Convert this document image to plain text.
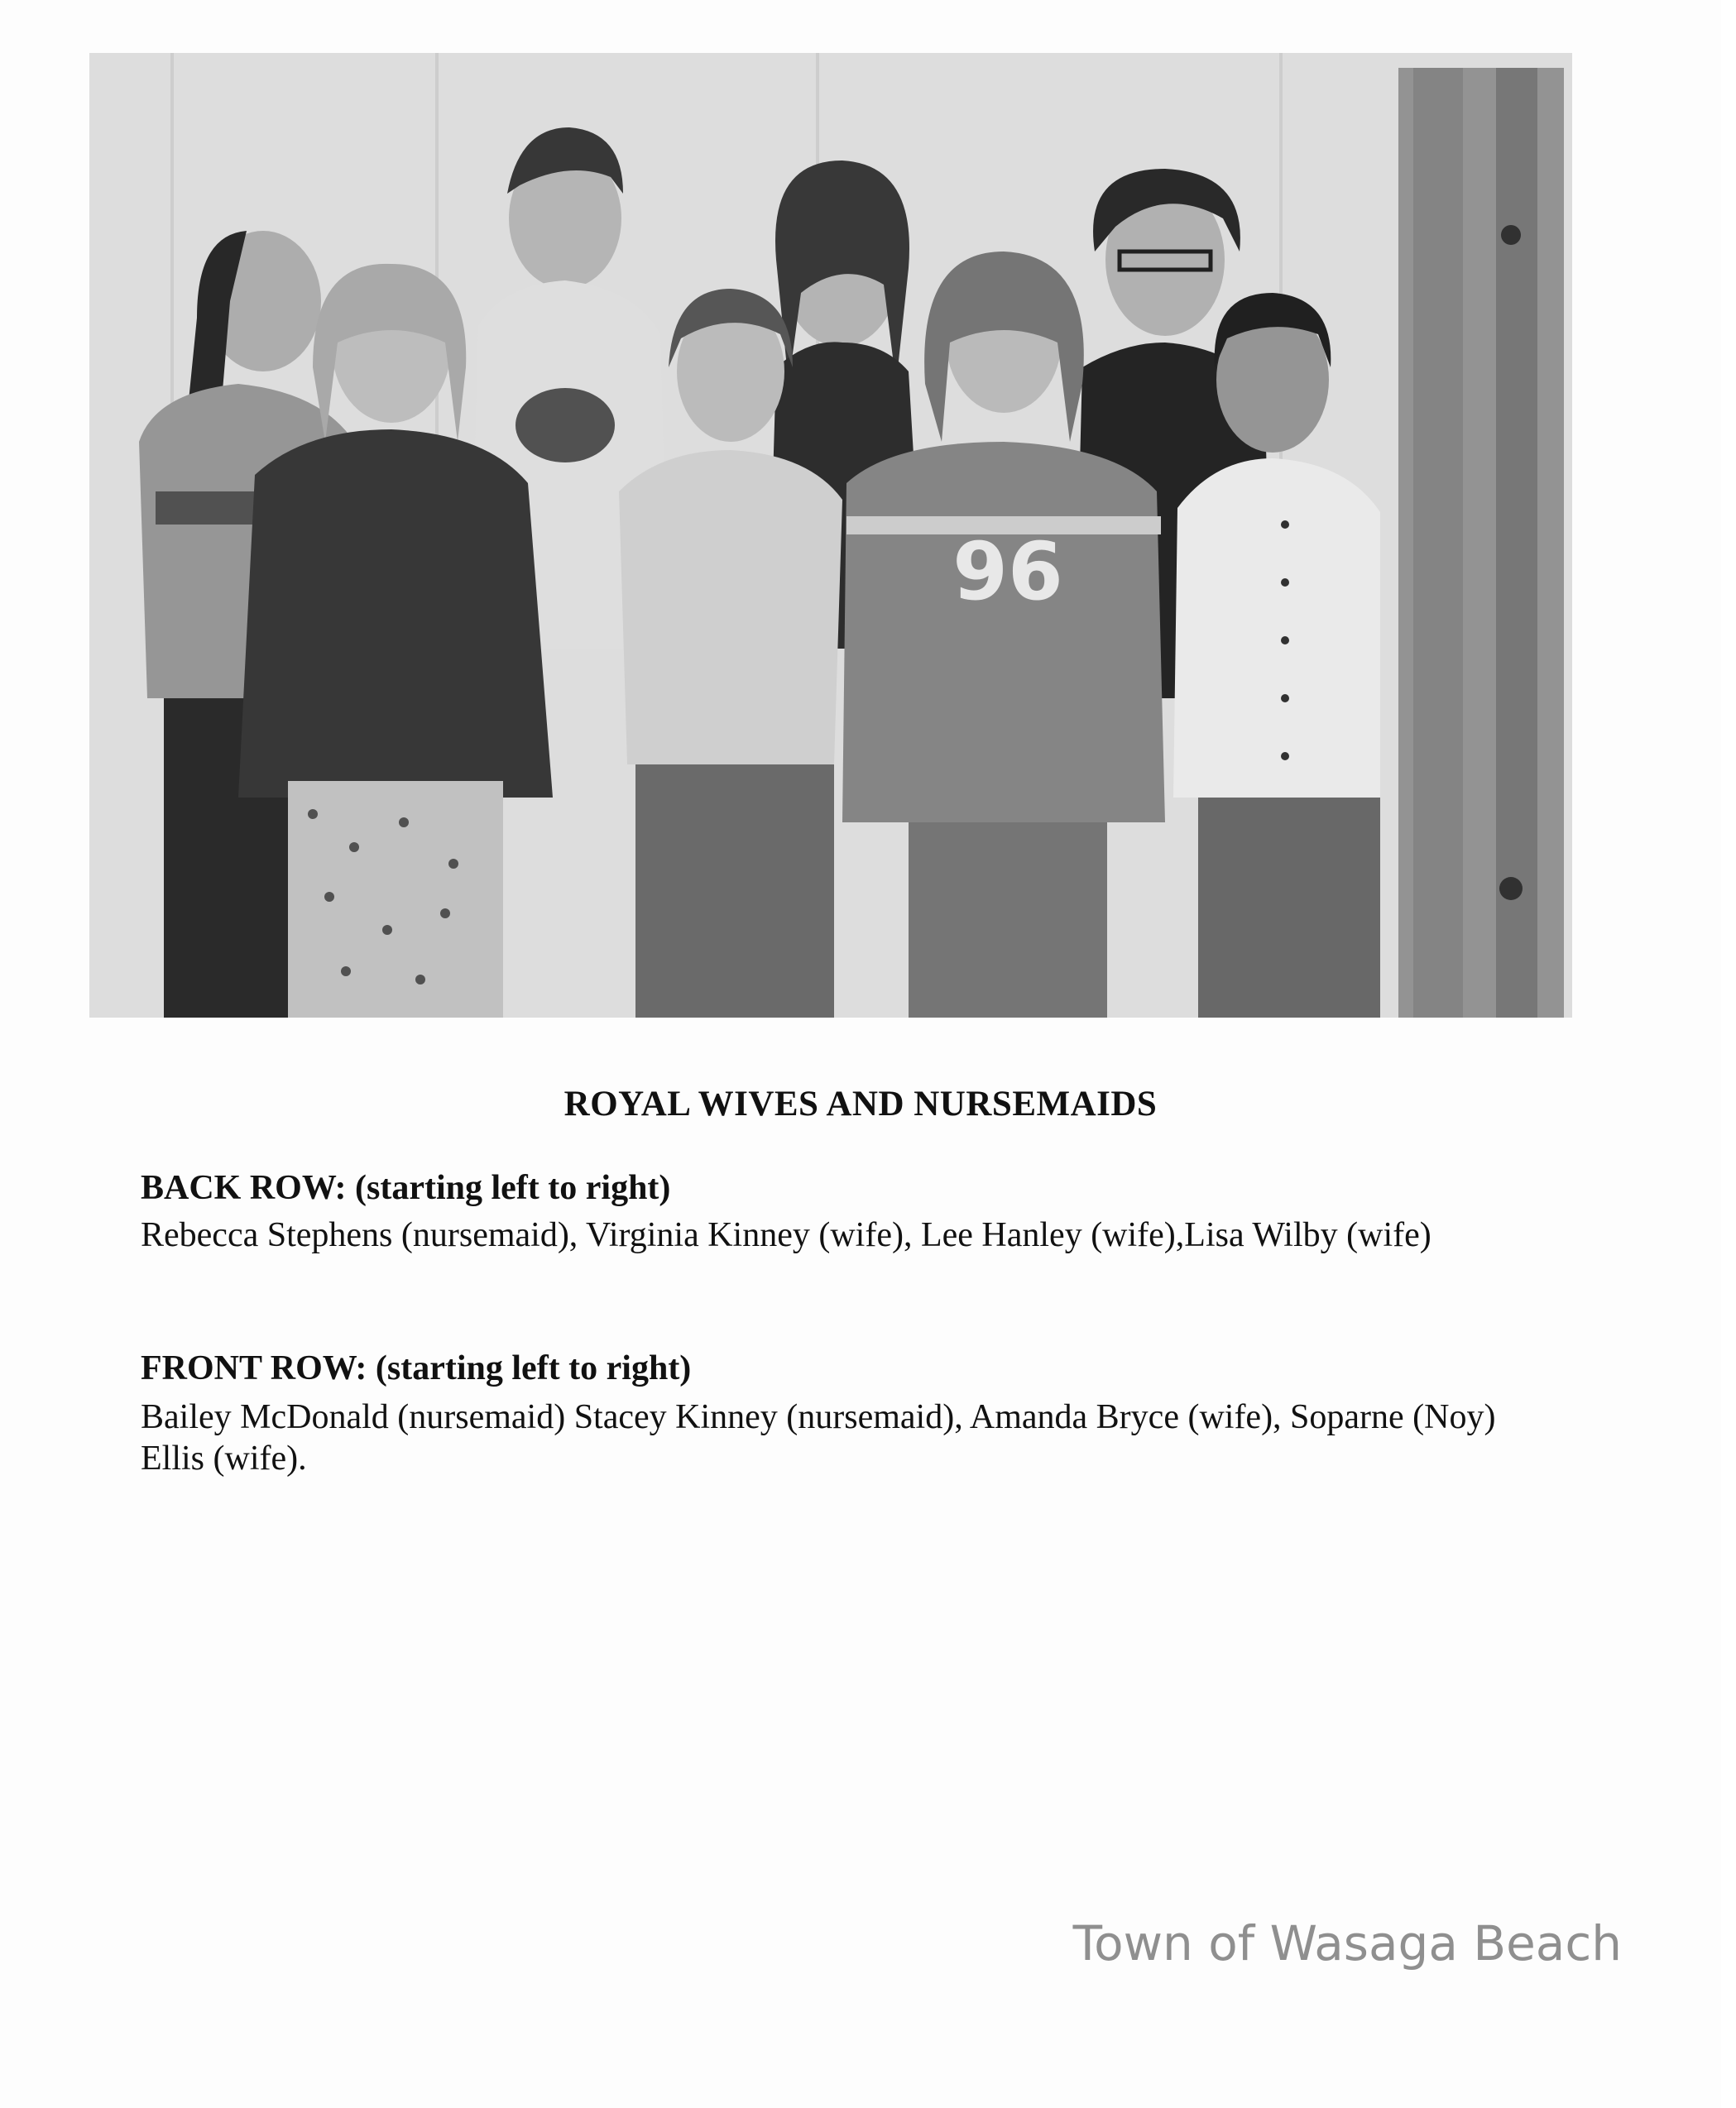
96
ROYAL WIVES AND NURSEMAIDS
BACK ROW: (starting left to right)
Rebecca Stephens (nursemaid), Virginia Kinney (wife), Lee Hanley (wife),Lisa Wilby (wife)
FRONT ROW: (starting left to right)
Bailey McDonald (nursemaid) Stacey Kinney (nursemaid), Amanda Bryce (wife), Soparne (Noy) Ellis (wife).
Town of Wasaga Beach
